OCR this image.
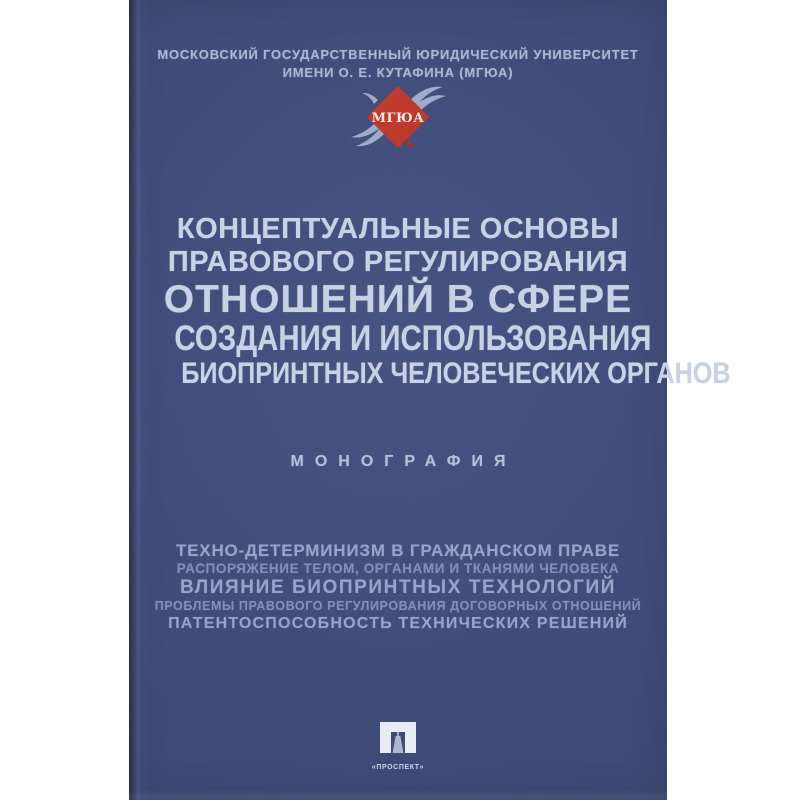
МОСКОВСКИЙ ГОСУДАРСТВЕННЫЙ ЮРИДИЧЕСКИЙ УНИВЕРСИТЕТ
ИМЕНИ О. Е. КУТАФИНА (МГЮА)
МГЮА
КОНЦЕПТУАЛЬНЫЕ ОСНОВЫ
ПРАВОВОГО РЕГУЛИРОВАНИЯ
ОТНОШЕНИЙ В СФЕРЕ
СОЗДАНИЯ И ИСПОЛЬЗОВАНИЯ
БИОПРИНТНЫХ ЧЕЛОВЕЧЕСКИХ ОРГАНОВ
МОНОГРАФИЯ
ТЕХНО-ДЕТЕРМИНИЗМ В ГРАЖДАНСКОМ ПРАВЕ
РАСПОРЯЖЕНИЕ ТЕЛОМ, ОРГАНАМИ И ТКАНЯМИ ЧЕЛОВЕКА
ВЛИЯНИЕ БИОПРИНТНЫХ ТЕХНОЛОГИЙ
ПРОБЛЕМЫ ПРАВОВОГО РЕГУЛИРОВАНИЯ ДОГОВОРНЫХ ОТНОШЕНИЙ
ПАТЕНТОСПОСОБНОСТЬ ТЕХНИЧЕСКИХ РЕШЕНИЙ
«ПРОСПЕКТ»
